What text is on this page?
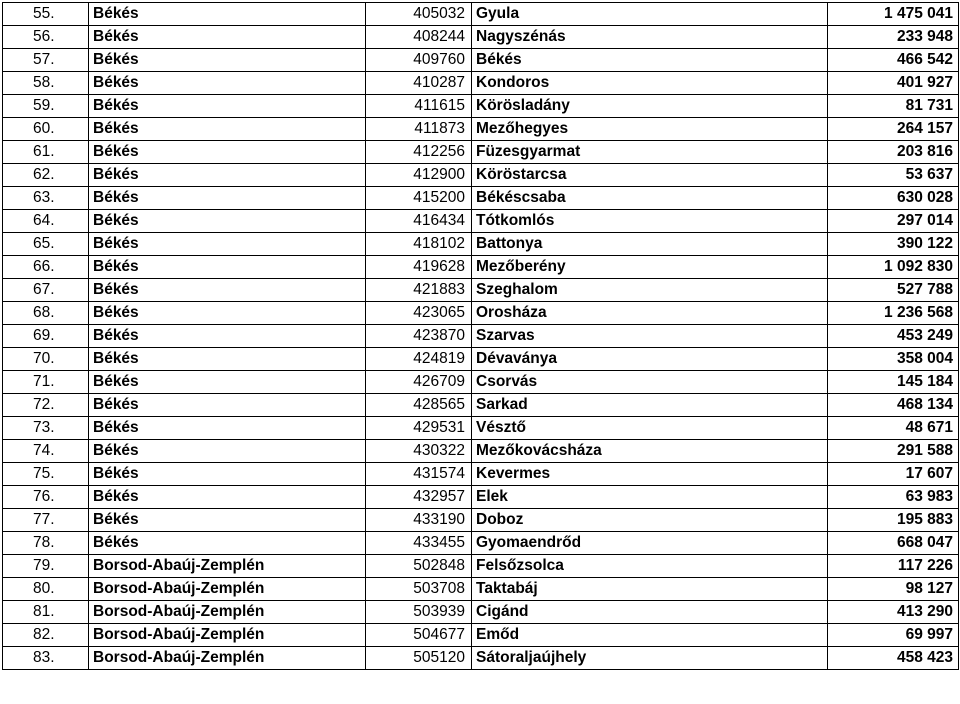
55.	Békés	405032	Gyula	1 475 041
56.	Békés	408244	Nagyszénás	233 948
57.	Békés	409760	Békés	466 542
58.	Békés	410287	Kondoros	401 927
59.	Békés	411615	Körösladány	81 731
60.	Békés	411873	Mezőhegyes	264 157
61.	Békés	412256	Füzesgyarmat	203 816
62.	Békés	412900	Köröstarcsa	53 637
63.	Békés	415200	Békéscsaba	630 028
64.	Békés	416434	Tótkomlós	297 014
65.	Békés	418102	Battonya	390 122
66.	Békés	419628	Mezőberény	1 092 830
67.	Békés	421883	Szeghalom	527 788
68.	Békés	423065	Orosháza	1 236 568
69.	Békés	423870	Szarvas	453 249
70.	Békés	424819	Dévaványa	358 004
71.	Békés	426709	Csorvás	145 184
72.	Békés	428565	Sarkad	468 134
73.	Békés	429531	Vésztő	48 671
74.	Békés	430322	Mezőkovácsháza	291 588
75.	Békés	431574	Kevermes	17 607
76.	Békés	432957	Elek	63 983
77.	Békés	433190	Doboz	195 883
78.	Békés	433455	Gyomaendrőd	668 047
79.	Borsod-Abaúj-Zemplén	502848	Felsőzsolca	117 226
80.	Borsod-Abaúj-Zemplén	503708	Taktabáj	98 127
81.	Borsod-Abaúj-Zemplén	503939	Cigánd	413 290
82.	Borsod-Abaúj-Zemplén	504677	Emőd	69 997
83.	Borsod-Abaúj-Zemplén	505120	Sátoraljaújhely	458 423
